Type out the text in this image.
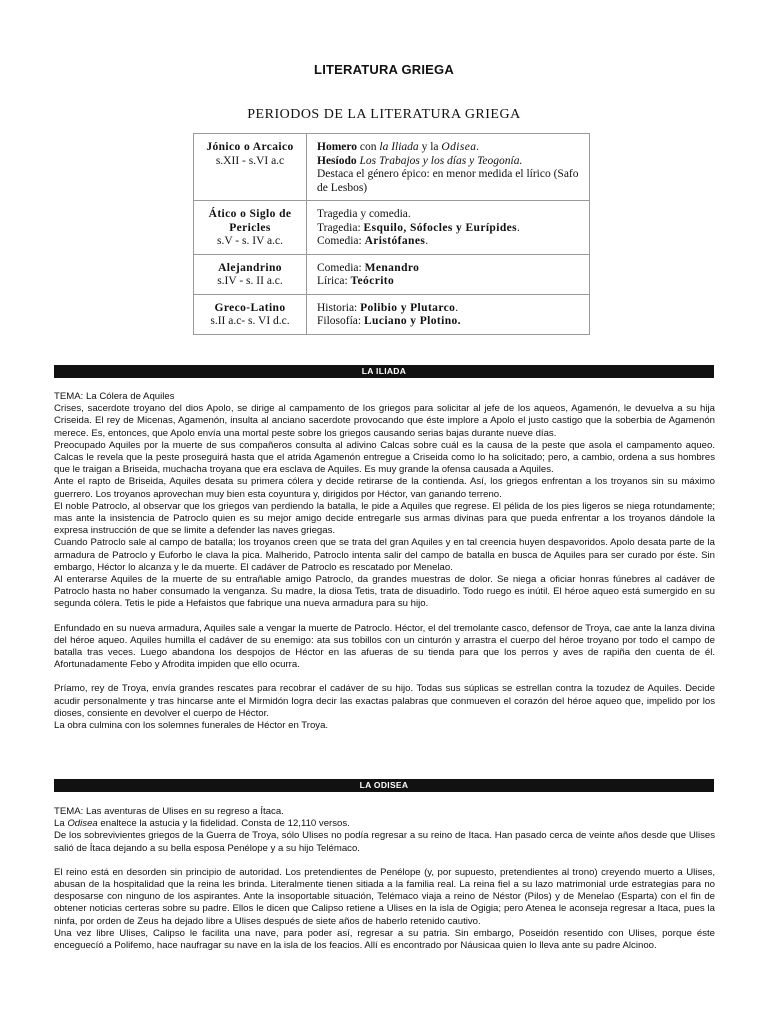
LITERATURA GRIEGA
PERIODOS DE LA LITERATURA GRIEGA
Jónico o Arcaico
s.XII - s.VI a.c	Homero con la Iliada y la Odisea.
Hesíodo Los Trabajos y los días y Teogonía.
Destaca el género épico: en menor medida el lírico (Safo de Lesbos)
Ático o Siglo de Pericles
s.V - s. IV a.c.	Tragedia y comedia.
Tragedia: Esquilo, Sófocles y Eurípides.
Comedia: Aristófanes.
Alejandrino
s.IV - s. II a.c.	Comedia: Menandro
Lírica: Teócrito
Greco-Latino
s.II a.c- s. VI d.c.	Historia: Polibio y Plutarco.
Filosofía: Luciano y Plotino.
LA ILIADA

TEMA: La Cólera de Aquiles

Crises, sacerdote troyano del dios Apolo, se dirige al campamento de los griegos para solicitar al jefe de los aqueos, Agamenón, le devuelva a su hija Criseida. El rey de Micenas, Agamenón, insulta al anciano sacerdote provocando que éste implore a Apolo el justo castigo que la soberbia de Agamenón merece. Es, entonces, que Apolo envía una mortal peste sobre los griegos causando serias bajas durante nueve días.

Preocupado Aquiles por la muerte de sus compañeros consulta al adivino Calcas sobre cuál es la causa de la peste que asola el campamento aqueo. Calcas le revela que la peste proseguirá hasta que el atrida Agamenón entregue a Criseida como lo ha solicitado; pero, a cambio, ordena a sus hombres que le traigan a Briseida, muchacha troyana que era esclava de Aquiles. Es muy grande la ofensa causada a Aquiles.

Ante el rapto de Briseida, Aquiles desata su primera cólera y decide retirarse de la contienda. Así, los griegos enfrentan a los troyanos sin su máximo guerrero. Los troyanos aprovechan muy bien esta coyuntura y, dirigidos por Héctor, van ganando terreno.

El noble Patroclo, al observar que los griegos van perdiendo la batalla, le pide a Aquiles que regrese. El pélida de los pies ligeros se niega rotundamente; mas ante la insistencia de Patroclo quien es su mejor amigo decide entregarle sus armas divinas para que pueda enfrentar a los troyanos dándole la expresa instrucción de que se limite a defender las naves griegas.

Cuando Patroclo sale al campo de batalla; los troyanos creen que se trata del gran Aquiles y en tal creencia huyen despavoridos. Apolo desata parte de la armadura de Patroclo y Euforbo le clava la pica. Malherido, Patroclo intenta salir del campo de batalla en busca de Aquiles para ser curado por éste. Sin embargo, Héctor lo alcanza y le da muerte. El cadáver de Patroclo es rescatado por Menelao.

Al enterarse Aquiles de la muerte de su entrañable amigo Patroclo, da grandes muestras de dolor. Se niega a oficiar honras fúnebres al cadáver de Patroclo hasta no haber consumado la venganza. Su madre, la diosa Tetis, trata de disuadirlo. Todo ruego es inútil. El héroe aqueo está sumergido en su segunda cólera. Tetis le pide a Hefaistos que fabrique una nueva armadura para su hijo.

Enfundado en su nueva armadura, Aquiles sale a vengar la muerte de Patroclo. Héctor, el del tremolante casco, defensor de Troya, cae ante la lanza divina del héroe aqueo. Aquiles humilla el cadáver de su enemigo: ata sus tobillos con un cinturón y arrastra el cuerpo del héroe troyano por todo el campo de batalla tras veces. Luego abandona los despojos de Héctor en las afueras de su tienda para que los perros y aves de rapiña den cuenta de él. Afortunadamente Febo y Afrodita impiden que ello ocurra.

Príamo, rey de Troya, envía grandes rescates para recobrar el cadáver de su hijo. Todas sus súplicas se estrellan contra la tozudez de Aquiles. Decide acudir personalmente y tras hincarse ante el Mirmidón logra decir las exactas palabras que conmueven el corazón del héroe aqueo que, impelido por los dioses, consiente en devolver el cuerpo de Héctor.

La obra culmina con los solemnes funerales de Héctor en Troya.

LA ODISEA

TEMA: Las aventuras de Ulises en su regreso a Ítaca.

La Odisea enaltece la astucia y la fidelidad. Consta de 12,110 versos.

De los sobrevivientes griegos de la Guerra de Troya, sólo Ulises no podía regresar a su reino de Itaca. Han pasado cerca de veinte años desde que Ulises salió de Ítaca dejando a su bella esposa Penélope y a su hijo Telémaco.

El reino está en desorden sin principio de autoridad. Los pretendientes de Penélope (y, por supuesto, pretendientes al trono) creyendo muerto a Ulises, abusan de la hospitalidad que la reina les brinda. Literalmente tienen sitiada a la familia real. La reina fiel a su lazo matrimonial urde estrategias para no desposarse con ninguno de los aspirantes. Ante la insoportable situación, Telémaco viaja a reino de Néstor (Pilos) y de Menelao (Esparta) con el fin de obtener noticias certeras sobre su padre. Ellos le dicen que Calipso retiene a Ulises en la isla de Ogigia; pero Atenea le aconseja regresar a Itaca, pues la ninfa, por orden de Zeus ha dejado libre a Ulises después de siete años de haberlo retenido cautivo.

Una vez libre Ulises, Calipso le facilita una nave, para poder así, regresar a su patria. Sin embargo, Poseidón resentido con Ulises, porque éste enceguecíó a Polifemo, hace naufragar su nave en la isla de los feacios. Allí es encontrado por Náusicaa quien lo lleva ante su padre Alcinoo.
